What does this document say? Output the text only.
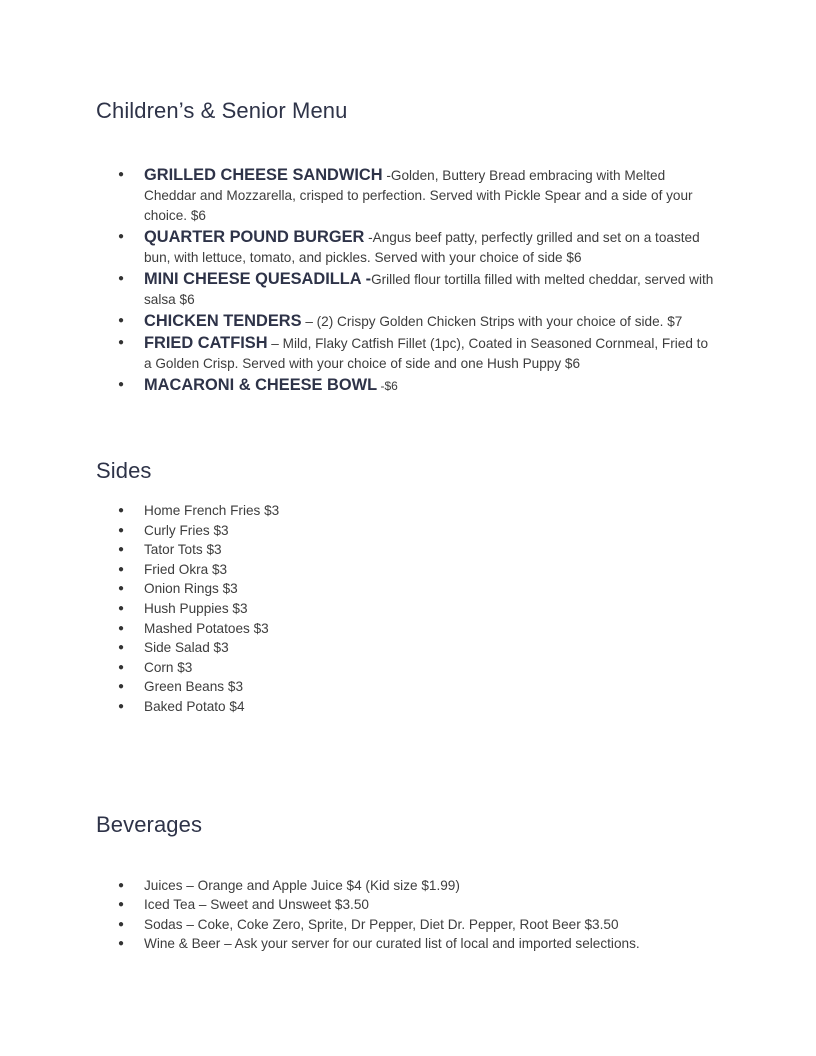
Children’s & Senior Menu
● GRILLED CHEESE SANDWICH -Golden, Buttery Bread embracing with Melted Cheddar and Mozzarella, crisped to perfection. Served with Pickle Spear and a side of your choice. $6
● QUARTER POUND BURGER -Angus beef patty, perfectly grilled and set on a toasted bun, with lettuce, tomato, and pickles. Served with your choice of side $6
● MINI CHEESE QUESADILLA -Grilled flour tortilla filled with melted cheddar, served with salsa $6
● CHICKEN TENDERS – (2) Crispy Golden Chicken Strips with your choice of side. $7
● FRIED CATFISH – Mild, Flaky Catfish Fillet (1pc), Coated in Seasoned Cornmeal, Fried to a Golden Crisp. Served with your choice of side and one Hush Puppy $6
● MACARONI & CHEESE BOWL -$6
Sides
● Home French Fries $3
● Curly Fries $3
● Tator Tots $3
● Fried Okra $3
● Onion Rings $3
● Hush Puppies $3
● Mashed Potatoes $3
● Side Salad $3
● Corn $3
● Green Beans $3
● Baked Potato $4
Beverages
● Juices – Orange and Apple Juice $4 (Kid size $1.99)
● Iced Tea – Sweet and Unsweet $3.50
● Sodas – Coke, Coke Zero, Sprite, Dr Pepper, Diet Dr. Pepper, Root Beer $3.50
● Wine & Beer – Ask your server for our curated list of local and imported selections.
